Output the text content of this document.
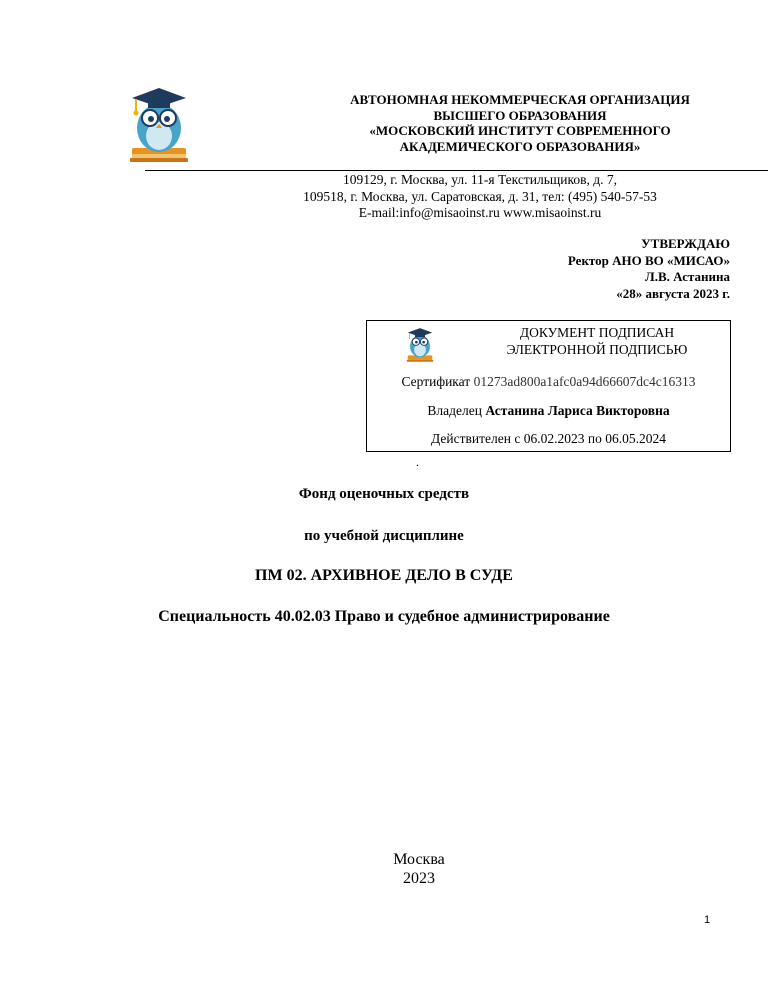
АВТОНОМНАЯ НЕКОММЕРЧЕСКАЯ ОРГАНИЗАЦИЯ
ВЫСШЕГО ОБРАЗОВАНИЯ
«МОСКОВСКИЙ ИНСТИТУТ СОВРЕМЕННОГО
АКАДЕМИЧЕСКОГО ОБРАЗОВАНИЯ»
109129, г. Москва, ул. 11-я Текстильщиков, д. 7,
109518, г. Москва, ул. Саратовская, д. 31, тел: (495) 540-57-53
E-mail:info@misaoinst.ru www.misaoinst.ru
УТВЕРЖДАЮ
Ректор АНО ВО «МИСАО»
Л.В. Астанина
«28» августа 2023 г.
ДОКУМЕНТ ПОДПИСАН
ЭЛЕКТРОННОЙ ПОДПИСЬЮ
Сертификат 01273ad800a1afc0a94d66607dc4c16313
Владелец Астанина Лариса Викторовна
Действителен с 06.02.2023 по 06.05.2024
.
Фонд оценочных средств
по учебной дисциплине
ПМ 02. АРХИВНОЕ ДЕЛО В СУДЕ
Специальность 40.02.03 Право и судебное администрирование
Москва
2023
1
